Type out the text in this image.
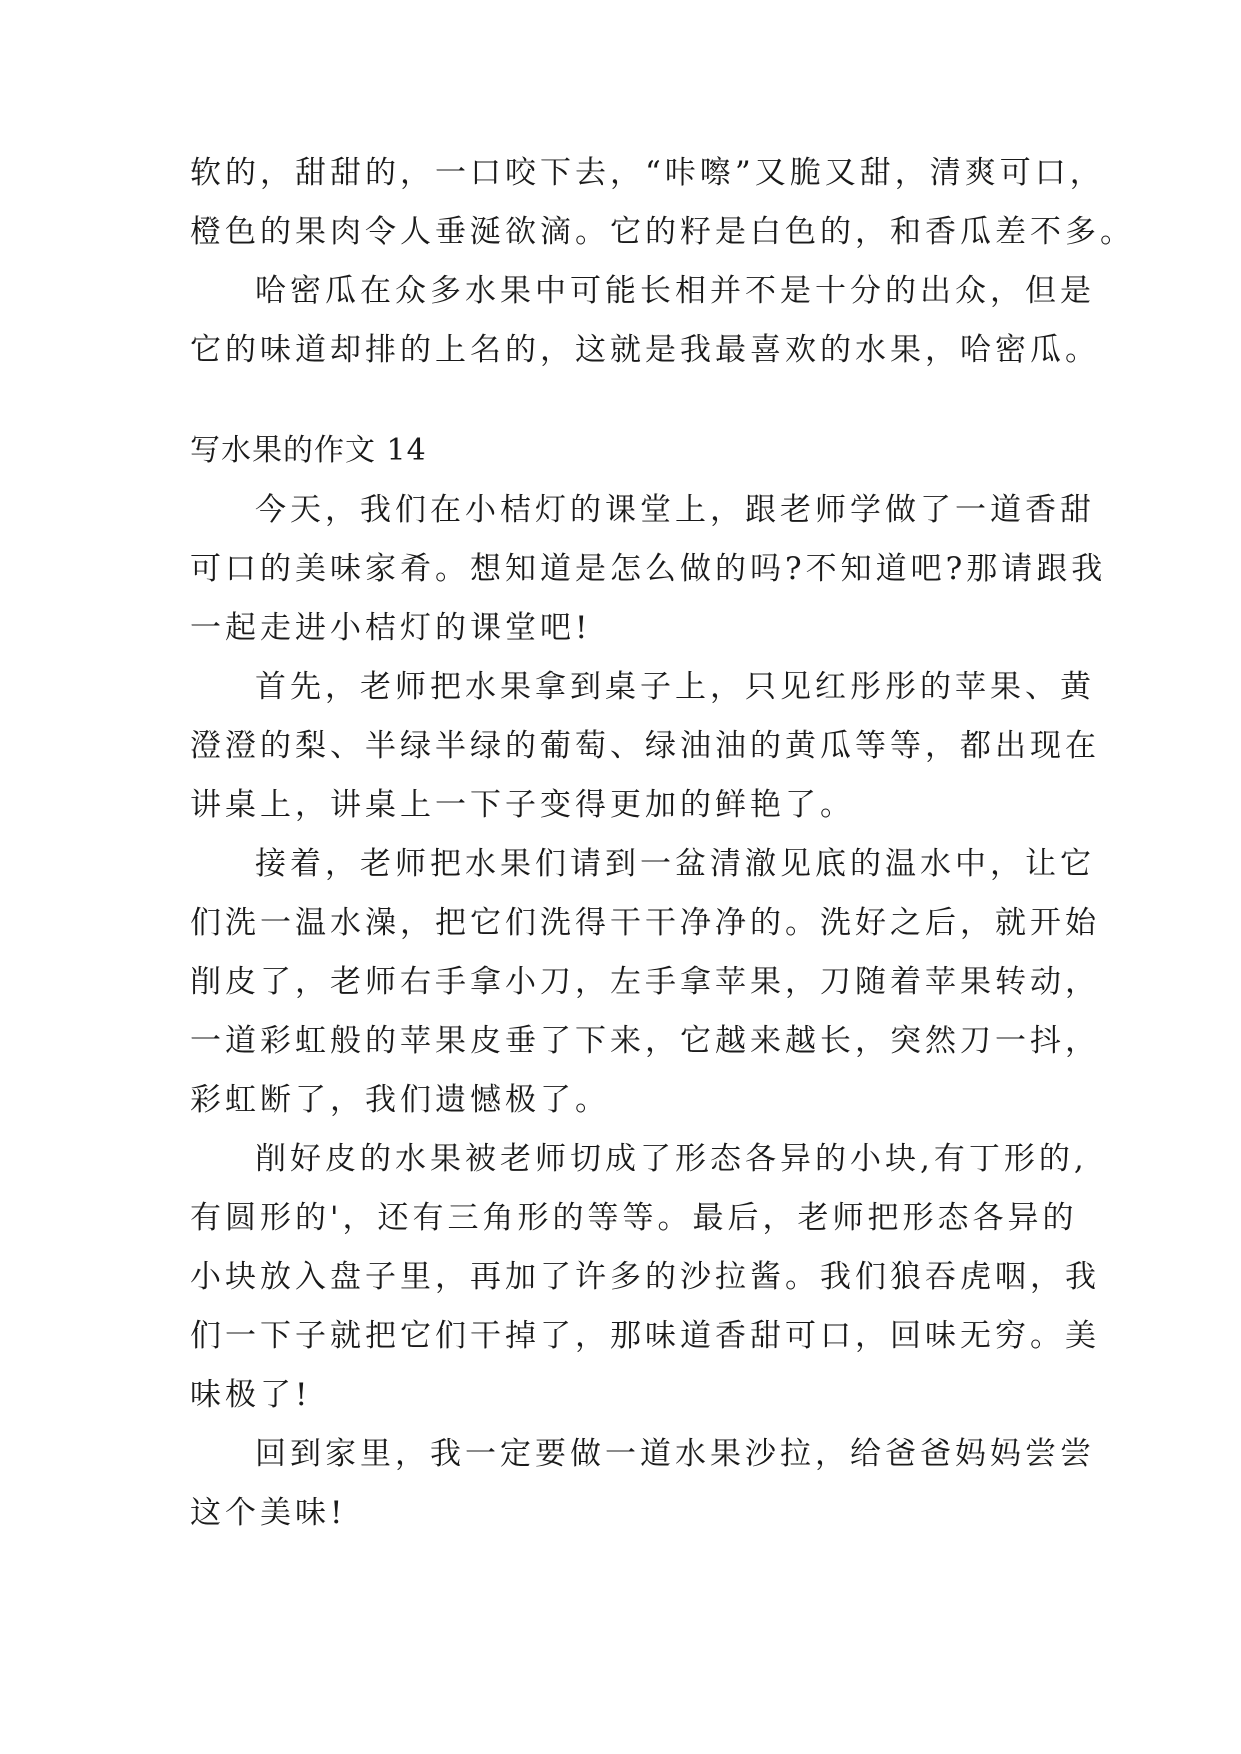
软的，甜甜的，一口咬下去，“咔嚓”又脆又甜，清爽可口，
橙色的果肉令人垂涎欲滴。它的籽是白色的，和香瓜差不多。
哈密瓜在众多水果中可能长相并不是十分的出众，但是
它的味道却排的上名的，这就是我最喜欢的水果，哈密瓜。
写水果的作文 14
今天，我们在小桔灯的课堂上，跟老师学做了一道香甜
可口的美味家肴。想知道是怎么做的吗?不知道吧?那请跟我
一起走进小桔灯的课堂吧!
首先，老师把水果拿到桌子上，只见红彤彤的苹果、黄
澄澄的梨、半绿半绿的葡萄、绿油油的黄瓜等等，都出现在
讲桌上，讲桌上一下子变得更加的鲜艳了。
接着，老师把水果们请到一盆清澈见底的温水中，让它
们洗一温水澡，把它们洗得干干净净的。洗好之后，就开始
削皮了，老师右手拿小刀，左手拿苹果，刀随着苹果转动，
一道彩虹般的苹果皮垂了下来，它越来越长，突然刀一抖，
彩虹断了，我们遗憾极了。
削好皮的水果被老师切成了形态各异的小块,有丁形的,
有圆形的'，还有三角形的等等。最后，老师把形态各异的
小块放入盘子里，再加了许多的沙拉酱。我们狼吞虎咽，我
们一下子就把它们干掉了，那味道香甜可口，回味无穷。美
味极了!
回到家里，我一定要做一道水果沙拉，给爸爸妈妈尝尝
这个美味!
